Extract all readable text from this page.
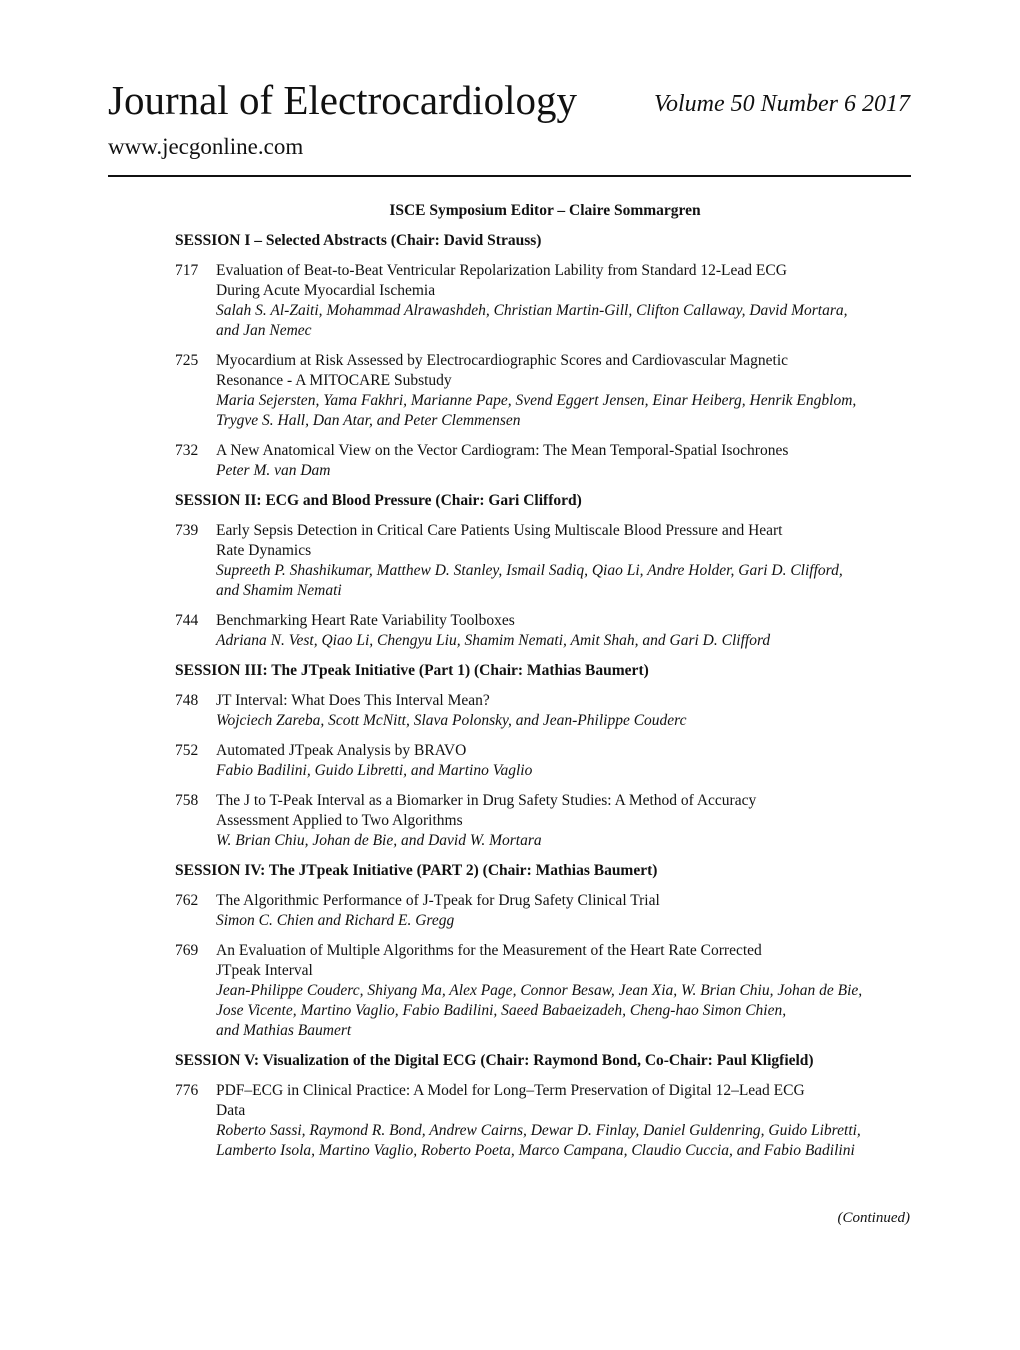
Journal of Electrocardiology	Volume 50 Number 6 2017
www.jecgonline.com
ISCE Symposium Editor – Claire Sommargren
SESSION I – Selected Abstracts (Chair: David Strauss)
717	Evaluation of Beat-to-Beat Ventricular Repolarization Lability from Standard 12-Lead ECG
During Acute Myocardial Ischemia
Salah S. Al-Zaiti, Mohammad Alrawashdeh, Christian Martin-Gill, Clifton Callaway, David Mortara,
and Jan Nemec
725	Myocardium at Risk Assessed by Electrocardiographic Scores and Cardiovascular Magnetic
Resonance - A MITOCARE Substudy
Maria Sejersten, Yama Fakhri, Marianne Pape, Svend Eggert Jensen, Einar Heiberg, Henrik Engblom,
Trygve S. Hall, Dan Atar, and Peter Clemmensen
732	A New Anatomical View on the Vector Cardiogram: The Mean Temporal-Spatial Isochrones
Peter M. van Dam
SESSION II: ECG and Blood Pressure (Chair: Gari Clifford)
739	Early Sepsis Detection in Critical Care Patients Using Multiscale Blood Pressure and Heart
Rate Dynamics
Supreeth P. Shashikumar, Matthew D. Stanley, Ismail Sadiq, Qiao Li, Andre Holder, Gari D. Clifford,
and Shamim Nemati
744	Benchmarking Heart Rate Variability Toolboxes
Adriana N. Vest, Qiao Li, Chengyu Liu, Shamim Nemati, Amit Shah, and Gari D. Clifford
SESSION III: The JTpeak Initiative (Part 1) (Chair: Mathias Baumert)
748	JT Interval: What Does This Interval Mean?
Wojciech Zareba, Scott McNitt, Slava Polonsky, and Jean-Philippe Couderc
752	Automated JTpeak Analysis by BRAVO
Fabio Badilini, Guido Libretti, and Martino Vaglio
758	The J to T-Peak Interval as a Biomarker in Drug Safety Studies: A Method of Accuracy
Assessment Applied to Two Algorithms
W. Brian Chiu, Johan de Bie, and David W. Mortara
SESSION IV: The JTpeak Initiative (PART 2) (Chair: Mathias Baumert)
762	The Algorithmic Performance of J-Tpeak for Drug Safety Clinical Trial
Simon C. Chien and Richard E. Gregg
769	An Evaluation of Multiple Algorithms for the Measurement of the Heart Rate Corrected
JTpeak Interval
Jean-Philippe Couderc, Shiyang Ma, Alex Page, Connor Besaw, Jean Xia, W. Brian Chiu, Johan de Bie,
Jose Vicente, Martino Vaglio, Fabio Badilini, Saeed Babaeizadeh, Cheng-hao Simon Chien,
and Mathias Baumert
SESSION V: Visualization of the Digital ECG (Chair: Raymond Bond, Co-Chair: Paul Kligfield)
776	PDF–ECG in Clinical Practice: A Model for Long–Term Preservation of Digital 12–Lead ECG
Data
Roberto Sassi, Raymond R. Bond, Andrew Cairns, Dewar D. Finlay, Daniel Guldenring, Guido Libretti,
Lamberto Isola, Martino Vaglio, Roberto Poeta, Marco Campana, Claudio Cuccia, and Fabio Badilini
(Continued)
